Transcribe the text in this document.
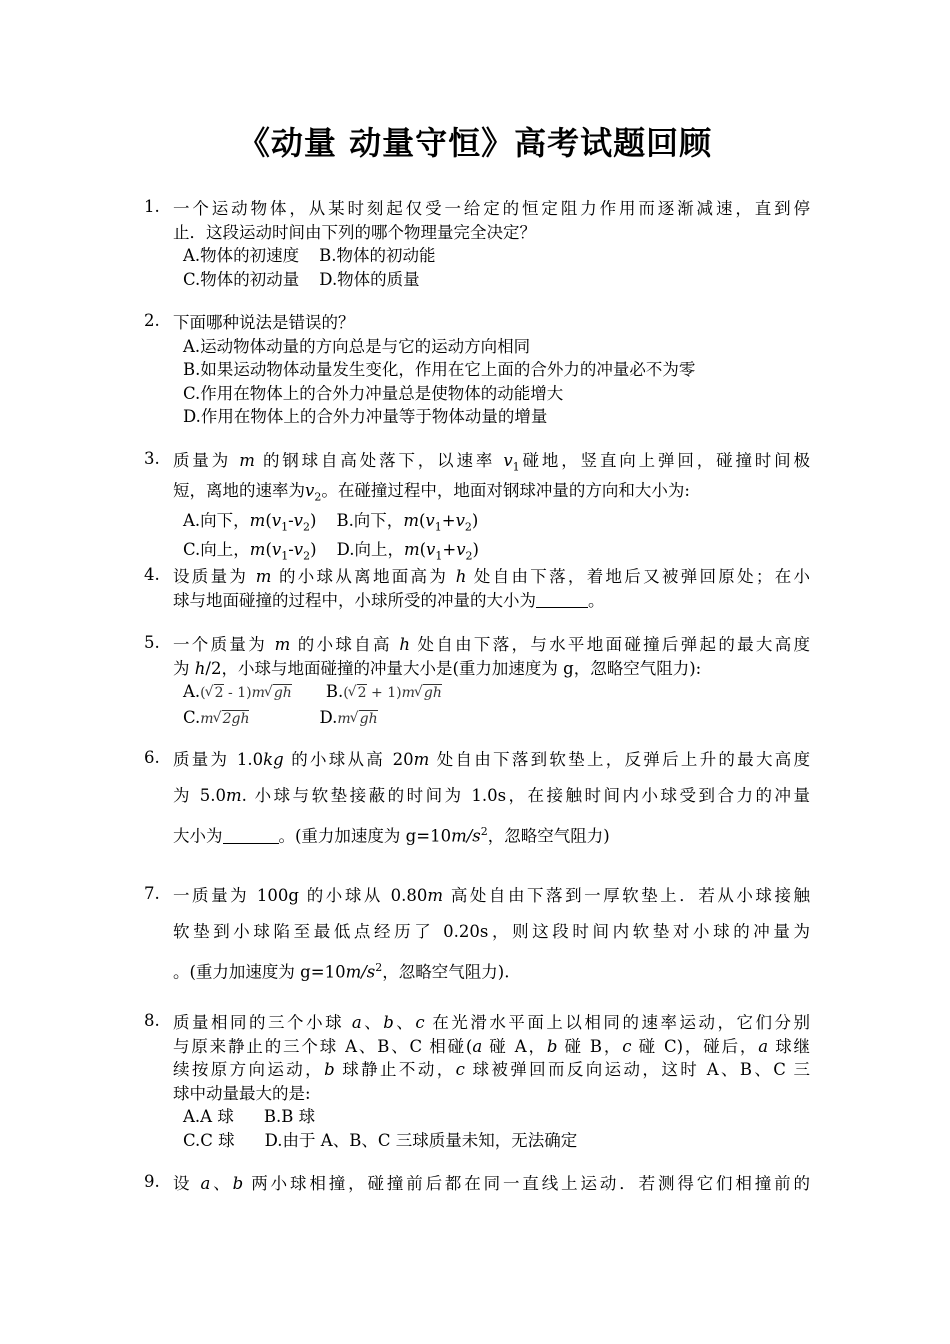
《动量 动量守恒》高考试题回顾
1. 一个运动物体，从某时刻起仅受一给定的恒定阻力作用而逐渐减速，直到停
止．这段运动时间由下列的哪个物理量完全决定？
A.物体的初速度 B.物体的初动能
C.物体的初动量 D.物体的质量
2. 下面哪种说法是错误的？
A.运动物体动量的方向总是与它的运动方向相同
B.如果运动物体动量发生变化，作用在它上面的合外力的冲量必不为零
C.作用在物体上的合外力冲量总是使物体的动能增大
D.作用在物体上的合外力冲量等于物体动量的增量
3. 质量为 m 的钢球自高处落下，以速率 $v_1$碰地，竖直向上弹回，碰撞时间极
短，离地的速率为$v_2$。在碰撞过程中，地面对钢球冲量的方向和大小为:
A.向下，$m(v_1-v_2)$ B.向下，$m(v_1+v_2)$
C.向上，$m(v_1-v_2)$ D.向上，$m(v_1+v_2)$
4. 设质量为 m 的小球从离地面高为 h 处自由下落，着地后又被弹回原处；在小
球与地面碰撞的过程中，小球所受的冲量的大小为	。
5. 一个质量为 m 的小球自高 h 处自由下落，与水平地面碰撞后弹起的最大高度
为 h/2，小球与地面碰撞的冲量大小是(重力加速度为 g，忽略空气阻力):
A.( √ 2 - 1)m √ gh B.( √ 2 + 1)m √ gh
C.m √ 2gh	D.m √ gh
6. 质量为 1.0kg 的小球从高 20m 处自由下落到软垫上，反弹后上升的最大高度
为 5.0m. 小球与软垫接蔽的时间为 1.0s，在接触时间内小球受到合力的冲量
大小为	。(重力加速度为 $g=10m/s^2$，忽略空气阻力)
7. 一质量为 100g 的小球从 0.80m 高处自由下落到一厚软垫上．若从小球接触
软垫到小球陷至最低点经历了 0.20s，则这段时间内软垫对小球的冲量为
。(重力加速度为 $g=10m/s^2$，忽略空气阻力).
8. 质量相同的三个小球 a、b、c 在光滑水平面上以相同的速率运动，它们分别
与原来静止的三个球 A、B、C 相碰(a 碰 A，b 碰 B，c 碰 C)，碰后，a 球继
续按原方向运动，b 球静止不动，c 球被弹回而反向运动，这时 A、B、C 三
球中动量最大的是:
A.A 球 B.B 球
C.C 球 D.由于 A、B、C 三球质量未知，无法确定
9. 设 a、b 两小球相撞，碰撞前后都在同一直线上运动．若测得它们相撞前的
